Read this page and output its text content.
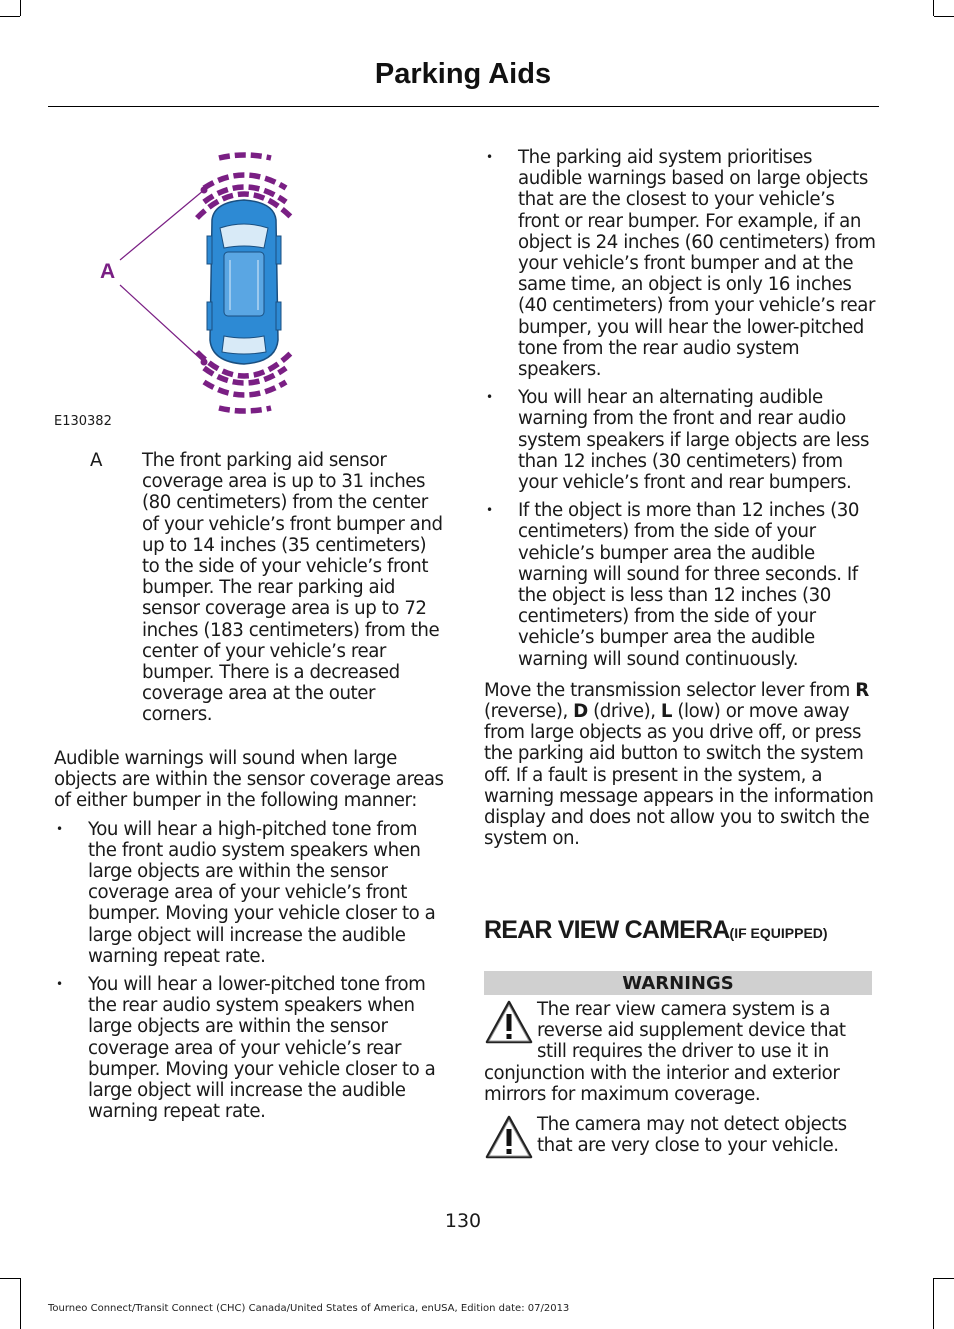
Parking Aids
A
E130382
A The front parking aid sensor coverage area is up to 31 inches (80 centimeters) from the center of your vehicle’s front bumper and up to 14 inches (35 centimeters) to the side of your vehicle’s front bumper. The rear parking aid sensor coverage area is up to 72 inches (183 centimeters) from the center of your vehicle’s rear bumper. There is a decreased coverage area at the outer corners.

Audible warnings will sound when large objects are within the sensor coverage areas of either bumper in the following manner:

• You will hear a high-pitched tone from the front audio system speakers when large objects are within the sensor coverage area of your vehicle’s front bumper. Moving your vehicle closer to a large object will increase the audible warning repeat rate.
• You will hear a lower-pitched tone from the rear audio system speakers when large objects are within the sensor coverage area of your vehicle’s rear bumper. Moving your vehicle closer to a large object will increase the audible warning repeat rate.
• The parking aid system prioritises audible warnings based on large objects that are the closest to your vehicle’s front or rear bumper. For example, if an object is 24 inches (60 centimeters) from your vehicle’s front bumper and at the same time, an object is only 16 inches (40 centimeters) from your vehicle’s rear bumper, you will hear the lower-pitched tone from the rear audio system speakers.
• You will hear an alternating audible warning from the front and rear audio system speakers if large objects are less than 12 inches (30 centimeters) from your vehicle’s front and rear bumpers.
• If the object is more than 12 inches (30 centimeters) from the side of your vehicle’s bumper area the audible warning will sound for three seconds. If the object is less than 12 inches (30 centimeters) from the side of your vehicle’s bumper area the audible warning will sound continuously.

Move the transmission selector lever from R (reverse), D (drive), L (low) or move away from large objects as you drive off, or press the parking aid button to switch the system off. If a fault is present in the system, a warning message appears in the information display and does not allow you to switch the system on.

REAR VIEW CAMERA(IF EQUIPPED)
WARNINGS

The rear view camera system is a reverse aid supplement device that still requires the driver to use it in conjunction with the interior and exterior mirrors for maximum coverage.

The camera may not detect objects that are very close to your vehicle.

130
Tourneo Connect/Transit Connect (CHC) Canada/United States of America, enUSA, Edition date: 07/2013
